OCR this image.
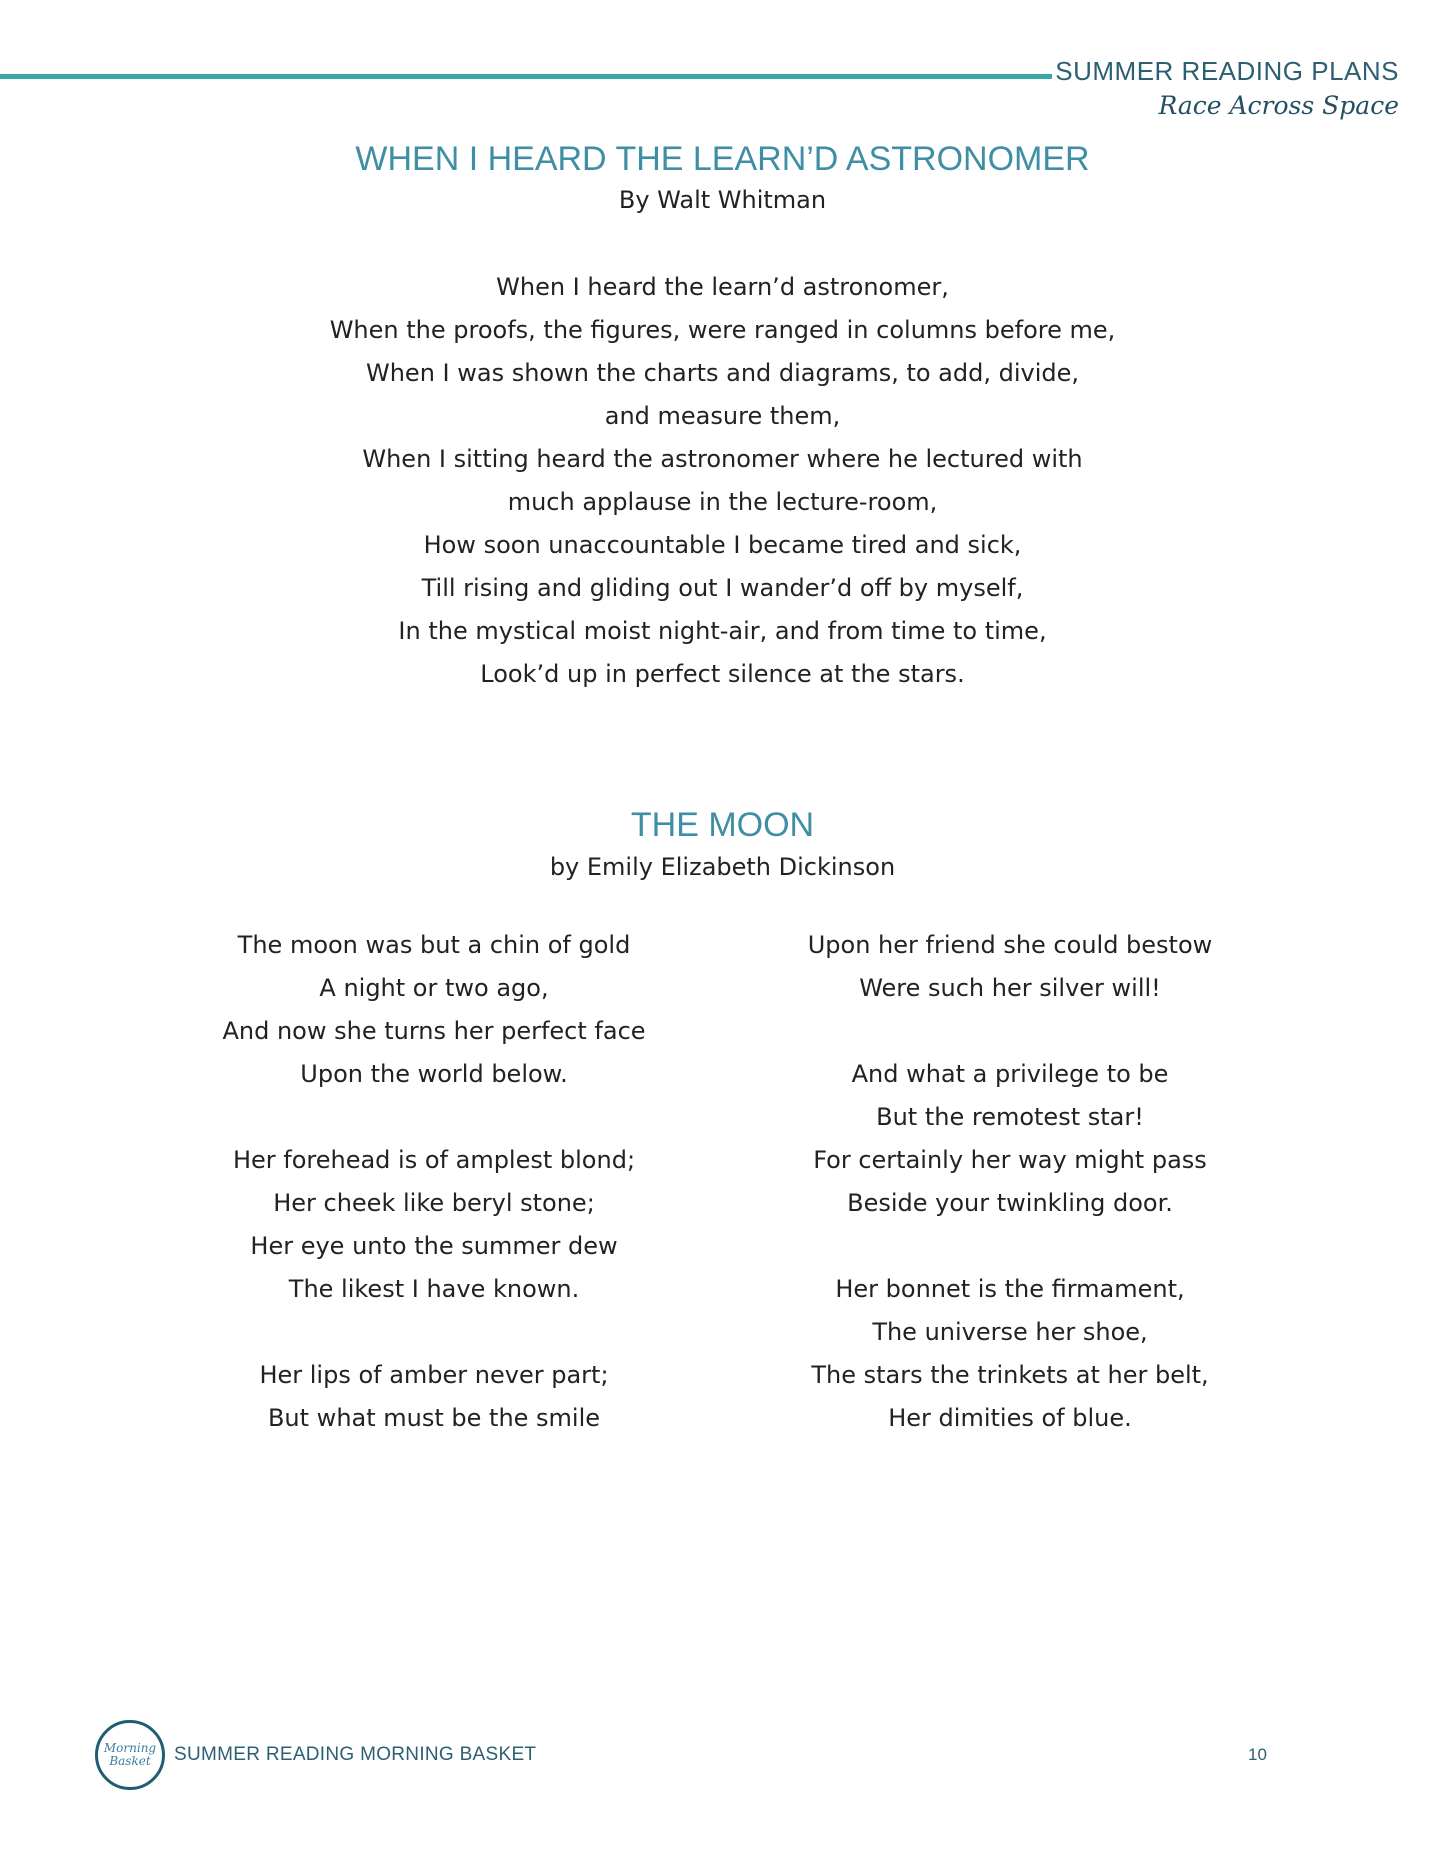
SUMMER READING PLANS
Race Across Space
WHEN I HEARD THE LEARN’D ASTRONOMER
By Walt Whitman
When I heard the learn’d astronomer,
When the proofs, the figures, were ranged in columns before me,
When I was shown the charts and diagrams, to add, divide,
and measure them,
When I sitting heard the astronomer where he lectured with
much applause in the lecture-room,
How soon unaccountable I became tired and sick,
Till rising and gliding out I wander’d off by myself,
In the mystical moist night-air, and from time to time,
Look’d up in perfect silence at the stars.
THE MOON
by Emily Elizabeth Dickinson
The moon was but a chin of gold
A night or two ago,
And now she turns her perfect face
Upon the world below.
Her forehead is of amplest blond;
Her cheek like beryl stone;
Her eye unto the summer dew
The likest I have known.
Her lips of amber never part;
But what must be the smile
Upon her friend she could bestow
Were such her silver will!
And what a privilege to be
But the remotest star!
For certainly her way might pass
Beside your twinkling door.
Her bonnet is the firmament,
The universe her shoe,
The stars the trinkets at her belt,
Her dimities of blue.
Morning Basket	SUMMER READING MORNING BASKET	10
